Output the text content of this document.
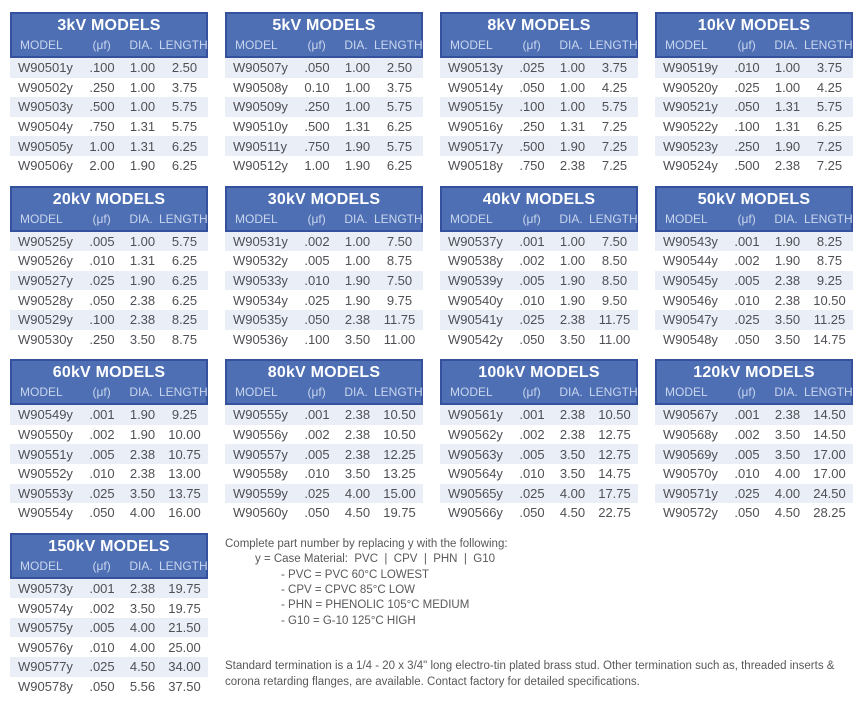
3kV MODELS
MODEL	(μf)	DIA. LENGTH
W90501y	.100	1.00	2.50
W90502y	.250	1.00	3.75
W90503y	.500	1.00	5.75
W90504y	.750	1.31	5.75
W90505y	1.00	1.31	6.25
W90506y	2.00	1.90	6.25
5kV MODELS
MODEL	(μf)	DIA. LENGTH
W90507y	.050	1.00	2.50
W90508y	0.10	1.00	3.75
W90509y	.250	1.00	5.75
W90510y	.500	1.31	6.25
W90511y	.750	1.90	5.75
W90512y	1.00	1.90	6.25
8kV MODELS
MODEL	(μf)	DIA. LENGTH
W90513y	.025	1.00	3.75
W90514y	.050	1.00	4.25
W90515y	.100	1.00	5.75
W90516y	.250	1.31	7.25
W90517y	.500	1.90	7.25
W90518y	.750	2.38	7.25
10kV MODELS
MODEL	(μf)	DIA. LENGTH
W90519y	.010	1.00	3.75
W90520y	.025	1.00	4.25
W90521y	.050	1.31	5.75
W90522y	.100	1.31	6.25
W90523y	.250	1.90	7.25
W90524y	.500	2.38	7.25
20kV MODELS
MODEL	(μf)	DIA. LENGTH
W90525y	.005	1.00	5.75
W90526y	.010	1.31	6.25
W90527y	.025	1.90	6.25
W90528y	.050	2.38	6.25
W90529y	.100	2.38	8.25
W90530y	.250	3.50	8.75
30kV MODELS
MODEL	(μf)	DIA. LENGTH
W90531y	.002	1.00	7.50
W90532y	.005	1.00	8.75
W90533y	.010	1.90	7.50
W90534y	.025	1.90	9.75
W90535y	.050	2.38	11.75
W90536y	.100	3.50	11.00
40kV MODELS
MODEL	(μf)	DIA. LENGTH
W90537y	.001	1.00	7.50
W90538y	.002	1.00	8.50
W90539y	.005	1.90	8.50
W90540y	.010	1.90	9.50
W90541y	.025	2.38	11.75
W90542y	.050	3.50	11.00
50kV MODELS
MODEL	(μf)	DIA. LENGTH
W90543y	.001	1.90	8.25
W90544y	.002	1.90	8.75
W90545y	.005	2.38	9.25
W90546y	.010	2.38	10.50
W90547y	.025	3.50	11.25
W90548y	.050	3.50	14.75
60kV MODELS
MODEL	(μf)	DIA. LENGTH
W90549y	.001	1.90	9.25
W90550y	.002	1.90	10.00
W90551y	.005	2.38	10.75
W90552y	.010	2.38	13.00
W90553y	.025	3.50	13.75
W90554y	.050	4.00	16.00
80kV MODELS
MODEL	(μf)	DIA. LENGTH
W90555y	.001	2.38	10.50
W90556y	.002	2.38	10.50
W90557y	.005	2.38	12.25
W90558y	.010	3.50	13.25
W90559y	.025	4.00	15.00
W90560y	.050	4.50	19.75
100kV MODELS
MODEL	(μf)	DIA. LENGTH
W90561y	.001	2.38	10.50
W90562y	.002	2.38	12.75
W90563y	.005	3.50	12.75
W90564y	.010	3.50	14.75
W90565y	.025	4.00	17.75
W90566y	.050	4.50	22.75
120kV MODELS
MODEL	(μf)	DIA. LENGTH
W90567y	.001	2.38	14.50
W90568y	.002	3.50	14.50
W90569y	.005	3.50	17.00
W90570y	.010	4.00	17.00
W90571y	.025	4.00	24.50
W90572y	.050	4.50	28.25
150kV MODELS
MODEL	(μf)	DIA. LENGTH
W90573y	.001	2.38	19.75
W90574y	.002	3.50	19.75
W90575y	.005	4.00	21.50
W90576y	.010	4.00	25.00
W90577y	.025	4.50	34.00
W90578y	.050	5.56	37.50
Complete part number by replacing y with the following:
y = Case Material:  PVC  |  CPV  |  PHN  |  G10
- PVC = PVC 60°C LOWEST
- CPV = CPVC 85°C LOW
- PHN = PHENOLIC 105°C MEDIUM
- G10 = G-10 125°C HIGH

Standard termination is a 1/4 - 20 x 3/4" long electro-tin plated brass stud. Other termination such as, threaded inserts & corona retarding flanges, are available. Contact factory for detailed specifications.
